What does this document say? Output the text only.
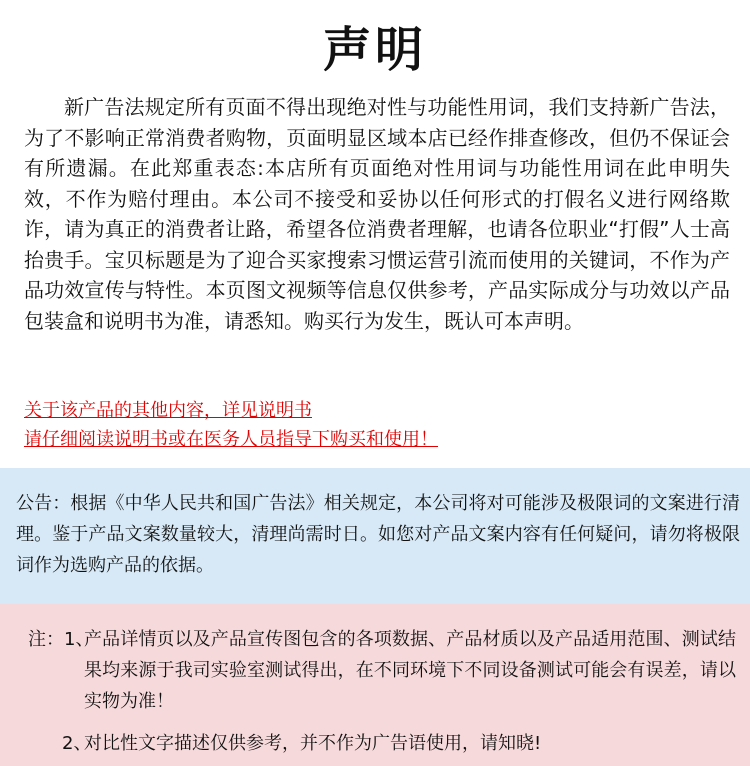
声明

新广告法规定所有页面不得出现绝对性与功能性用词，我们支持新广告法，为了不影响正常消费者购物，页面明显区域本店已经作排查修改，但仍不保证会有所遗漏。在此郑重表态:本店所有页面绝对性用词与功能性用词在此申明失效，不作为赔付理由。本公司不接受和妥协以任何形式的打假名义进行网络欺诈，请为真正的消费者让路，希望各位消费者理解，也请各位职业“打假”人士高抬贵手。宝贝标题是为了迎合买家搜索习惯运营引流而使用的关键词，不作为产品功效宣传与特性。本页图文视频等信息仅供参考，产品实际成分与功效以产品包装盒和说明书为准，请悉知。购买行为发生，既认可本声明。

关于该产品的其他内容，详见说明书
请仔细阅读说明书或在医务人员指导下购买和使用！

公告：根据《中华人民共和国广告法》相关规定，本公司将对可能涉及极限词的文案进行清理。鉴于产品文案数量较大，清理尚需时日。如您对产品文案内容有任何疑问，请勿将极限词作为选购产品的依据。

注：1、
产品详情页以及产品宣传图包含的各项数据、产品材质以及产品适用范围、测试结果均来源于我司实验室测试得出，在不同环境下不同设备测试可能会有误差，请以实物为准！
2、
对比性文字描述仅供参考，并不作为广告语使用，请知晓!
